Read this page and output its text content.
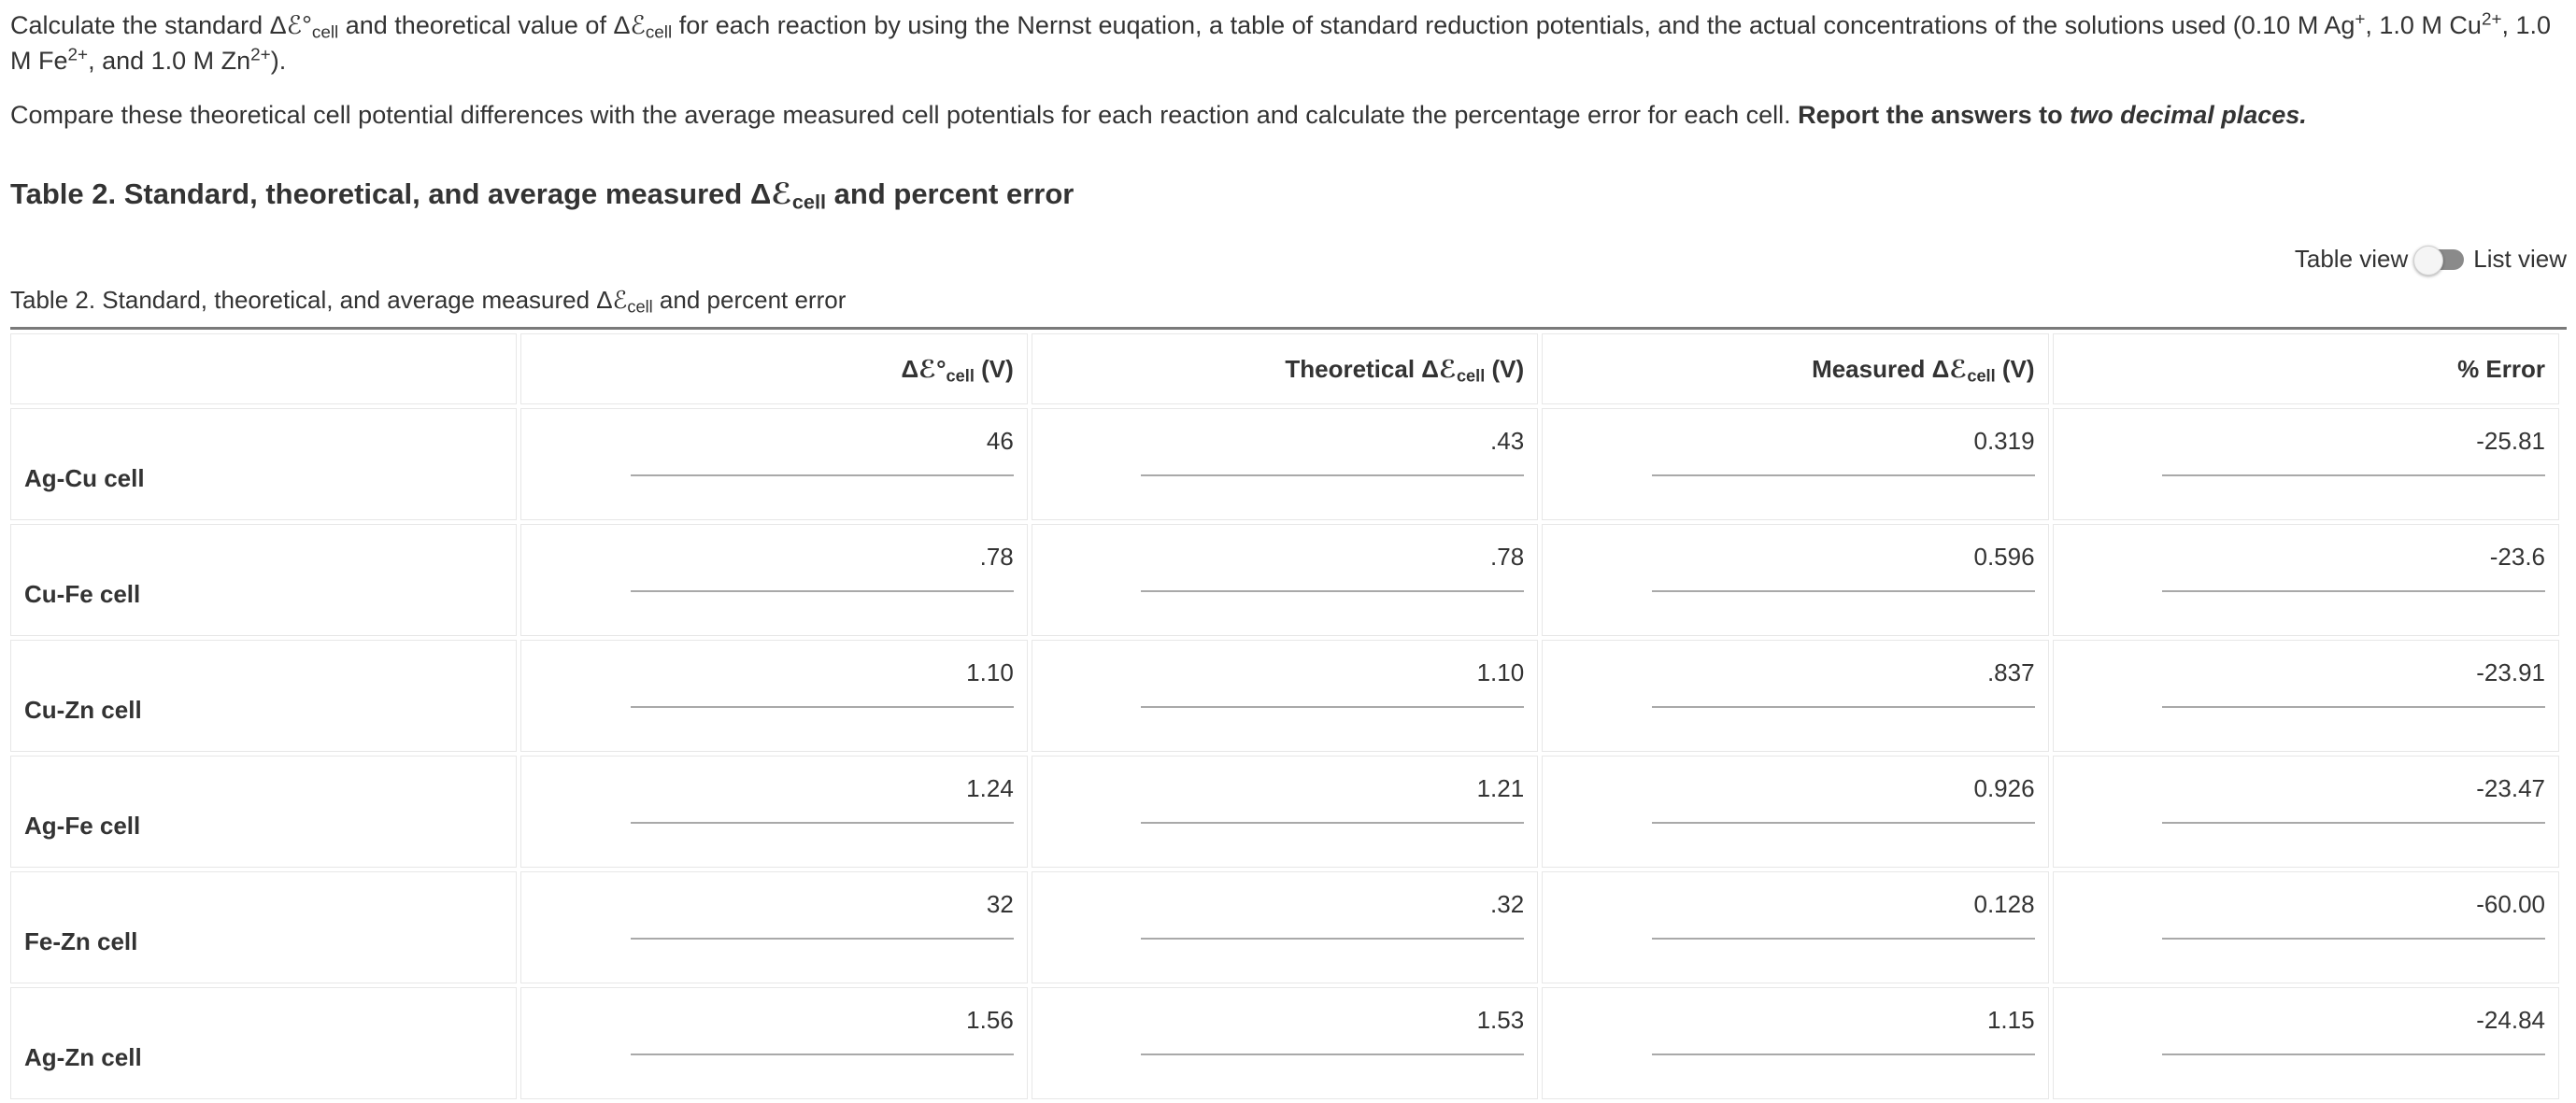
Calculate the standard $\Delta ℰ^\circ_{cell}$ and theoretical value of Δℰ$_{cell}$ for each reaction by using the Nernst euqation, a table of standard reduction potentials, and the actual concentrations of the solutions used (0.10 M Ag+, 1.0 M $Cu^{2+}$, 1.0 M $Fe^{2+}$, and 1.0 M $Zn^{2+}$).

Compare these theoretical cell potential differences with the average measured cell potentials for each reaction and calculate the percentage error for each cell. Report the answers to two decimal places.

Table 2. Standard, theoretical, and average measured Δℰ$_{cell}$ and percent error
Table view	List view
Table 2. Standard, theoretical, and average measured Δℰ$_{cell}$ and percent error
	$\Delta ℰ^\circ_{cell}$ (V)	Theoretical Δℰ$_{cell}$ (V)	Measured Δℰ$_{cell}$ (V)	% Error
Ag-Cu cell	46	.43	0.319	-25.81

Cu-Fe cell	.78	.78	0.596	-23.6

Cu-Zn cell	1.10	1.10	.837	-23.91

Ag-Fe cell	1.24	1.21	0.926	-23.47

Fe-Zn cell	32	.32	0.128	-60.00

Ag-Zn cell	1.56	1.53	1.15	-24.84
